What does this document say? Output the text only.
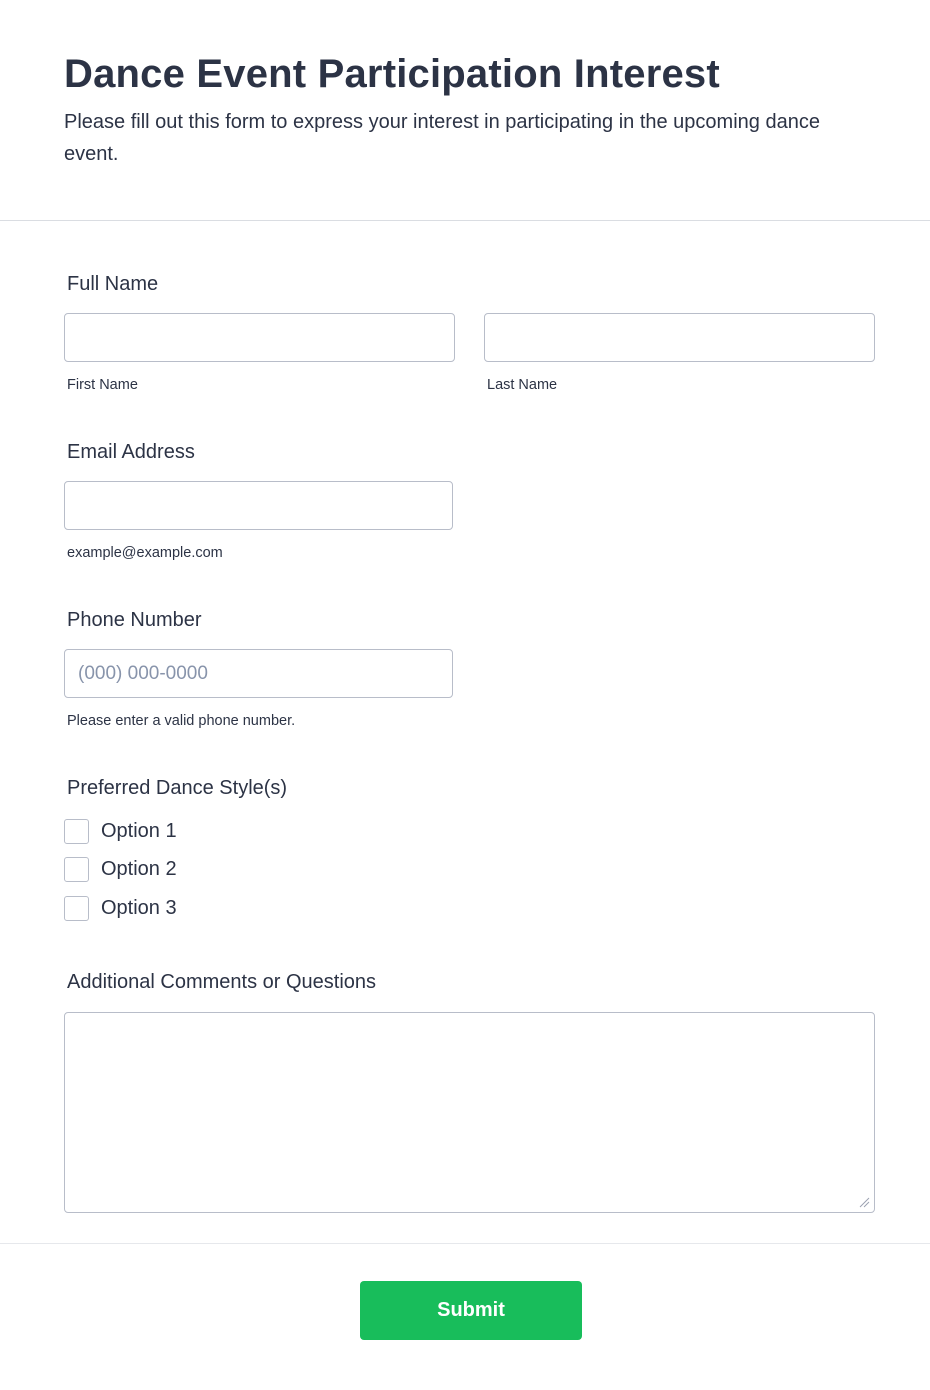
Dance Event Participation Interest

Please fill out this form to express your interest in participating in the upcoming dance event.

Full Name
First Name	Last Name
Email Address
example@example.com
Phone Number
(000) 000-0000
Please enter a valid phone number.
Preferred Dance Style(s)
Option 1
Option 2
Option 3
Additional Comments or Questions
Submit
